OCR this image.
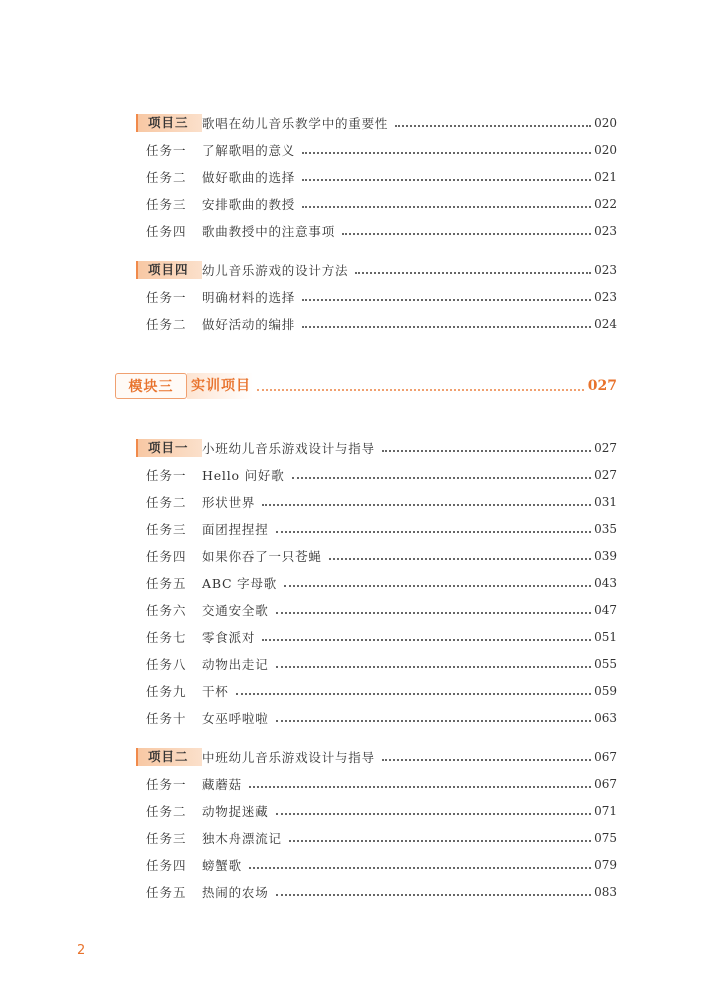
项目三	歌唱在幼儿音乐教学中的重要性	020
任务一	了解歌唱的意义	020
任务二	做好歌曲的选择	021
任务三	安排歌曲的教授	022
任务四	歌曲教授中的注意事项	023
项目四	幼儿音乐游戏的设计方法	023
任务一	明确材料的选择	023
任务二	做好活动的编排	024
模块三	实训项目	027
项目一	小班幼儿音乐游戏设计与指导	027
任务一	Hello 问好歌	027
任务二	形状世界	031
任务三	面团捏捏捏	035
任务四	如果你吞了一只苍蝇	039
任务五	ABC 字母歌	043
任务六	交通安全歌	047
任务七	零食派对	051
任务八	动物出走记	055
任务九	干杯	059
任务十	女巫呼啦啦	063
项目二	中班幼儿音乐游戏设计与指导	067
任务一	藏蘑菇	067
任务二	动物捉迷藏	071
任务三	独木舟漂流记	075
任务四	螃蟹歌	079
任务五	热闹的农场	083
2
